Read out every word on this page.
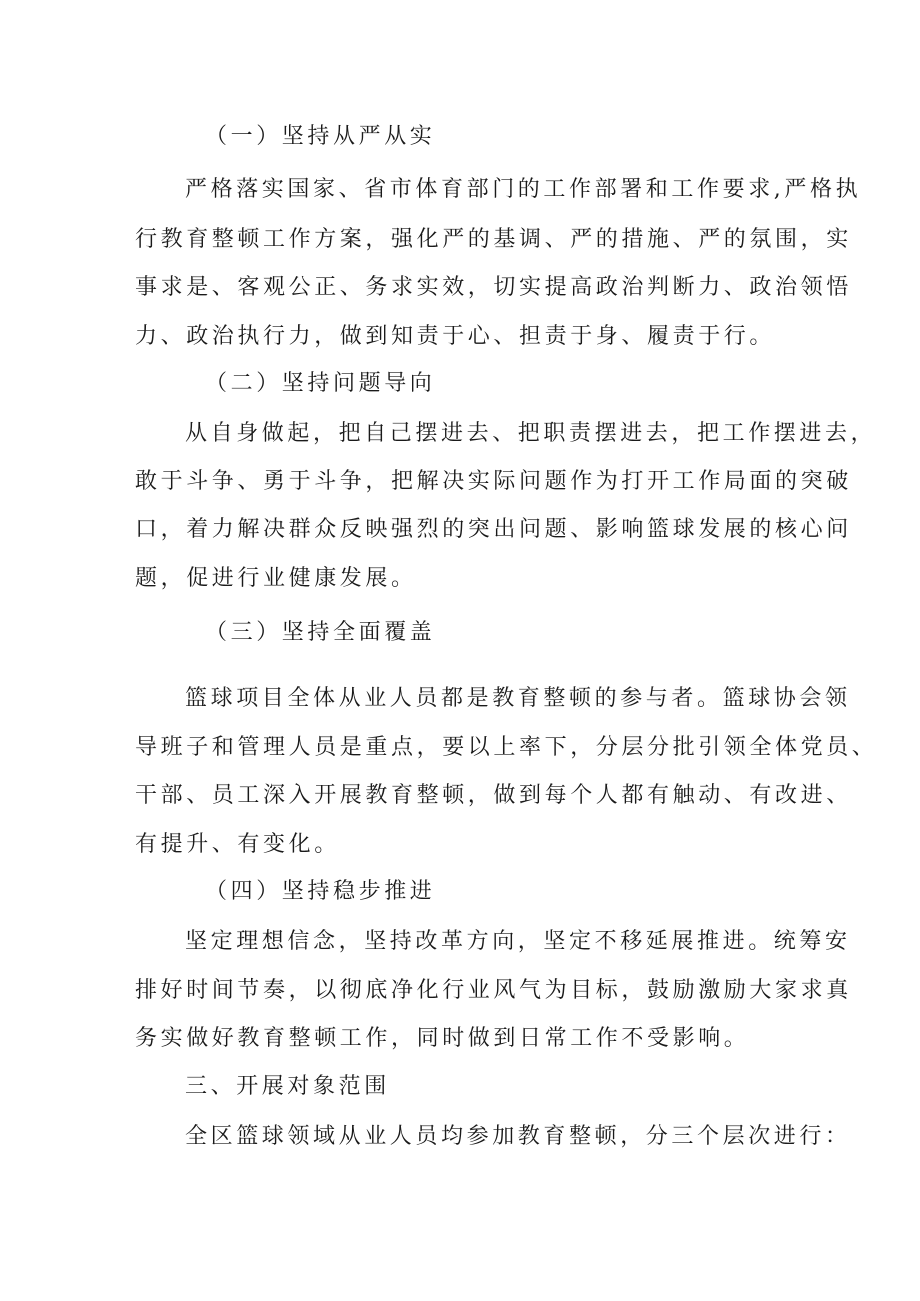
（一）坚持从严从实
严格落实国家、省市体育部门的工作部署和工作要求,严格执
行教育整顿工作方案，强化严的基调、严的措施、严的氛围，实
事求是、客观公正、务求实效，切实提高政治判断力、政治领悟
力、政治执行力，做到知责于心、担责于身、履责于行。
（二）坚持问题导向
从自身做起，把自己摆进去、把职责摆进去，把工作摆进去，
敢于斗争、勇于斗争，把解决实际问题作为打开工作局面的突破
口，着力解决群众反映强烈的突出问题、影响篮球发展的核心问
题，促进行业健康发展。
（三）坚持全面覆盖
篮球项目全体从业人员都是教育整顿的参与者。篮球协会领
导班子和管理人员是重点，要以上率下，分层分批引领全体党员、
干部、员工深入开展教育整顿，做到每个人都有触动、有改进、
有提升、有变化。
（四）坚持稳步推进
坚定理想信念，坚持改革方向，坚定不移延展推进。统筹安
排好时间节奏，以彻底净化行业风气为目标，鼓励激励大家求真
务实做好教育整顿工作，同时做到日常工作不受影响。
三、开展对象范围
全区篮球领域从业人员均参加教育整顿，分三个层次进行：
